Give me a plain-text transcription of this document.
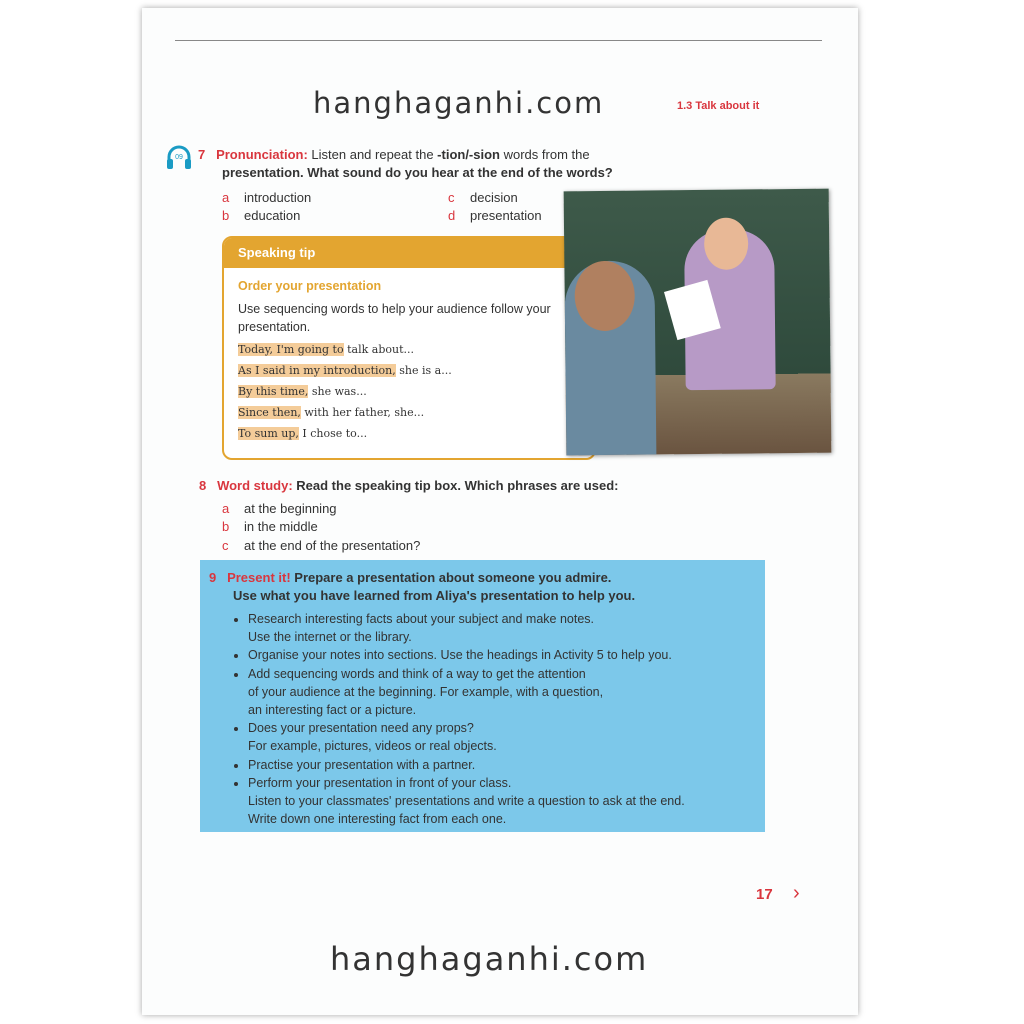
hanghaganhi.com	1.3 Talk about it
09 7 Pronunciation: Listen and repeat the -tion/-sion words from the
presentation. What sound do you hear at the end of the words?
a introduction
b education
c decision
d presentation
Speaking tip
Order your presentation
Use sequencing words to help your audience follow your presentation.
Today, I'm going to talk about...
As I said in my introduction, she is a...
By this time, she was...
Since then, with her father, she...
To sum up, I chose to...
8 Word study: Read the speaking tip box. Which phrases are used:
a at the beginning
b in the middle
c at the end of the presentation?
9 Present it! Prepare a presentation about someone you admire.
Use what you have learned from Aliya's presentation to help you.
• Research interesting facts about your subject and make notes.
Use the internet or the library.
• Organise your notes into sections. Use the headings in Activity 5 to help you.
• Add sequencing words and think of a way to get the attention
of your audience at the beginning. For example, with a question,
an interesting fact or a picture.
• Does your presentation need any props?
For example, pictures, videos or real objects.
• Practise your presentation with a partner.
• Perform your presentation in front of your class.
Listen to your classmates' presentations and write a question to ask at the end.
Write down one interesting fact from each one.
17 ›
hanghaganhi.com
